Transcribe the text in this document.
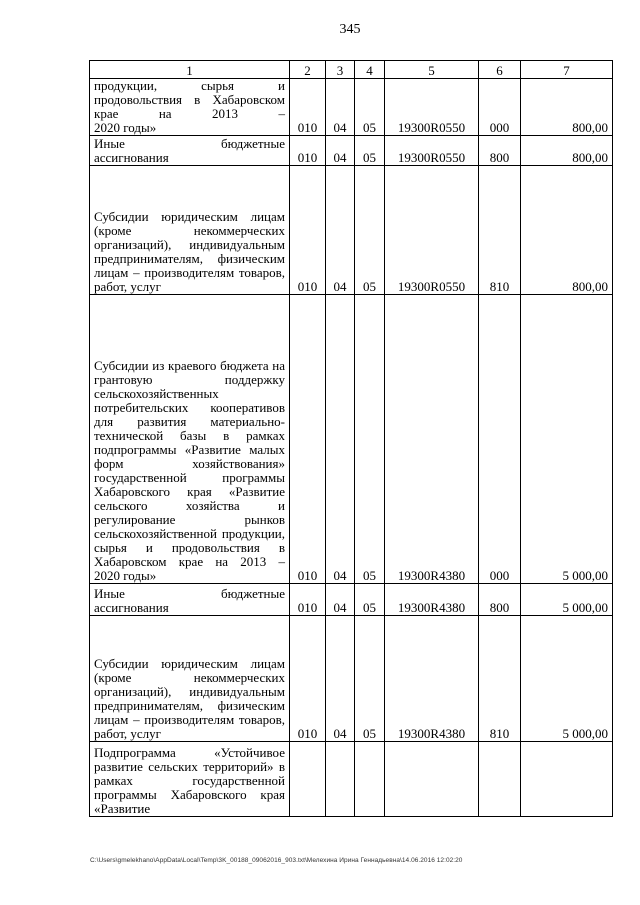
345
1	2	3	4	5	6	7
продукции, сырья и продовольствия в Хабаровском крае на 2013 –
2020 годы»	010	04	05	19300R0550	000	800,00
Иные бюджетные
ассигнования	010	04	05	19300R0550	800	800,00
Субсидии юридическим лицам (кроме некоммерческих организаций), индивидуальным предпринимателям, физическим лицам – производителям товаров,
работ, услуг	010	04	05	19300R0550	810	800,00
Субсидии из краевого бюджета на грантовую поддержку сельскохозяйственных потребительских кооперативов для развития материально-технической базы в рамках подпрограммы «Развитие малых форм хозяйствования» государственной программы Хабаровского края «Развитие сельского хозяйства и регулирование рынков сельскохозяйственной продукции, сырья и продовольствия в Хабаровском крае на 2013 –
2020 годы»	010	04	05	19300R4380	000	5 000,00
Иные бюджетные
ассигнования	010	04	05	19300R4380	800	5 000,00
Субсидии юридическим лицам (кроме некоммерческих организаций), индивидуальным предпринимателям, физическим лицам – производителям товаров,
работ, услуг	010	04	05	19300R4380	810	5 000,00
Подпрограмма «Устойчивое развитие сельских территорий» в рамках государственной программы Хабаровского края «Развитие						
C:\Users\gmelekhano\AppData\Local\Temp\3K_00188_09062016_903.txt\Мелехина Ирина Геннадьевна\14.06.2016 12:02:20
